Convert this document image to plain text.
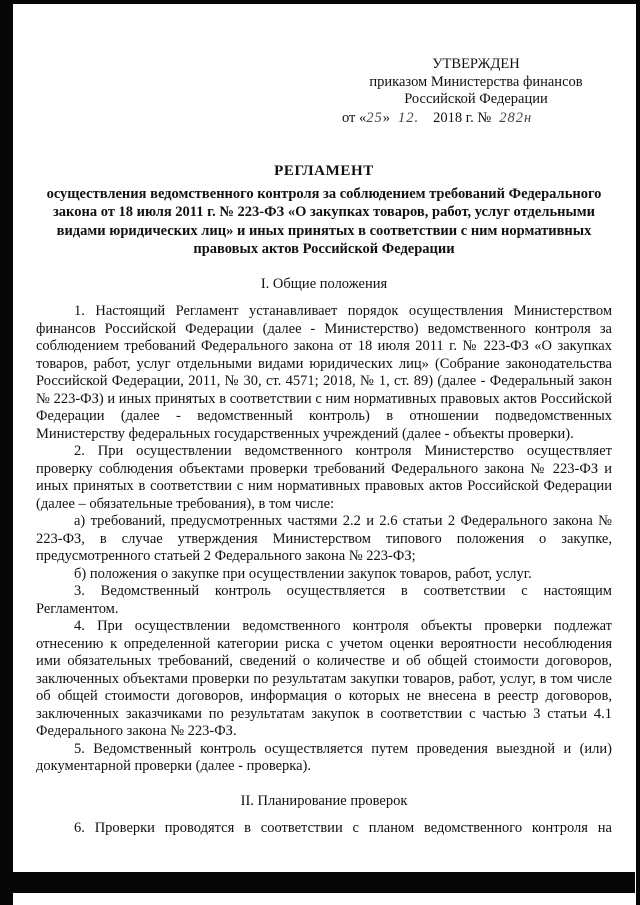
УТВЕРЖДЕН
приказом Министерства финансов
Российской Федерации
от «25» 12. 2018 г. № 282н
РЕГЛАМЕНТ
осуществления ведомственного контроля за соблюдением требований Федерального закона от 18 июля 2011 г. № 223-ФЗ «О закупках товаров, работ, услуг отдельными видами юридических лиц» и иных принятых в соответствии с ним нормативных правовых актов Российской Федерации
I. Общие положения

1. Настоящий Регламент устанавливает порядок осуществления Министерством финансов Российской Федерации (далее - Министерство) ведомственного контроля за соблюдением требований Федерального закона от 18 июля 2011 г. № 223-ФЗ «О закупках товаров, работ, услуг отдельными видами юридических лиц» (Собрание законодательства Российской Федерации, 2011, № 30, ст. 4571; 2018, № 1, ст. 89) (далее - Федеральный закон № 223-ФЗ) и иных принятых в соответствии с ним нормативных правовых актов Российской Федерации (далее - ведомственный контроль) в отношении подведомственных Министерству федеральных государственных учреждений (далее - объекты проверки).

2. При осуществлении ведомственного контроля Министерство осуществляет проверку соблюдения объектами проверки требований Федерального закона № 223-ФЗ и иных принятых в соответствии с ним нормативных правовых актов Российской Федерации (далее – обязательные требования), в том числе:

а) требований, предусмотренных частями 2.2 и 2.6 статьи 2 Федерального закона № 223-ФЗ, в случае утверждения Министерством типового положения о закупке, предусмотренного статьей 2 Федерального закона № 223-ФЗ;

б) положения о закупке при осуществлении закупок товаров, работ, услуг.

3. Ведомственный контроль осуществляется в соответствии с настоящим Регламентом.

4. При осуществлении ведомственного контроля объекты проверки подлежат отнесению к определенной категории риска с учетом оценки вероятности несоблюдения ими обязательных требований, сведений о количестве и об общей стоимости договоров, заключенных объектами проверки по результатам закупки товаров, работ, услуг, в том числе об общей стоимости договоров, информация о которых не внесена в реестр договоров, заключенных заказчиками по результатам закупок в соответствии с частью 3 статьи 4.1 Федерального закона № 223-ФЗ.

5. Ведомственный контроль осуществляется путем проведения выездной и (или) документарной проверки (далее - проверка).

II. Планирование проверок

6. Проверки проводятся в соответствии с планом ведомственного контроля на
